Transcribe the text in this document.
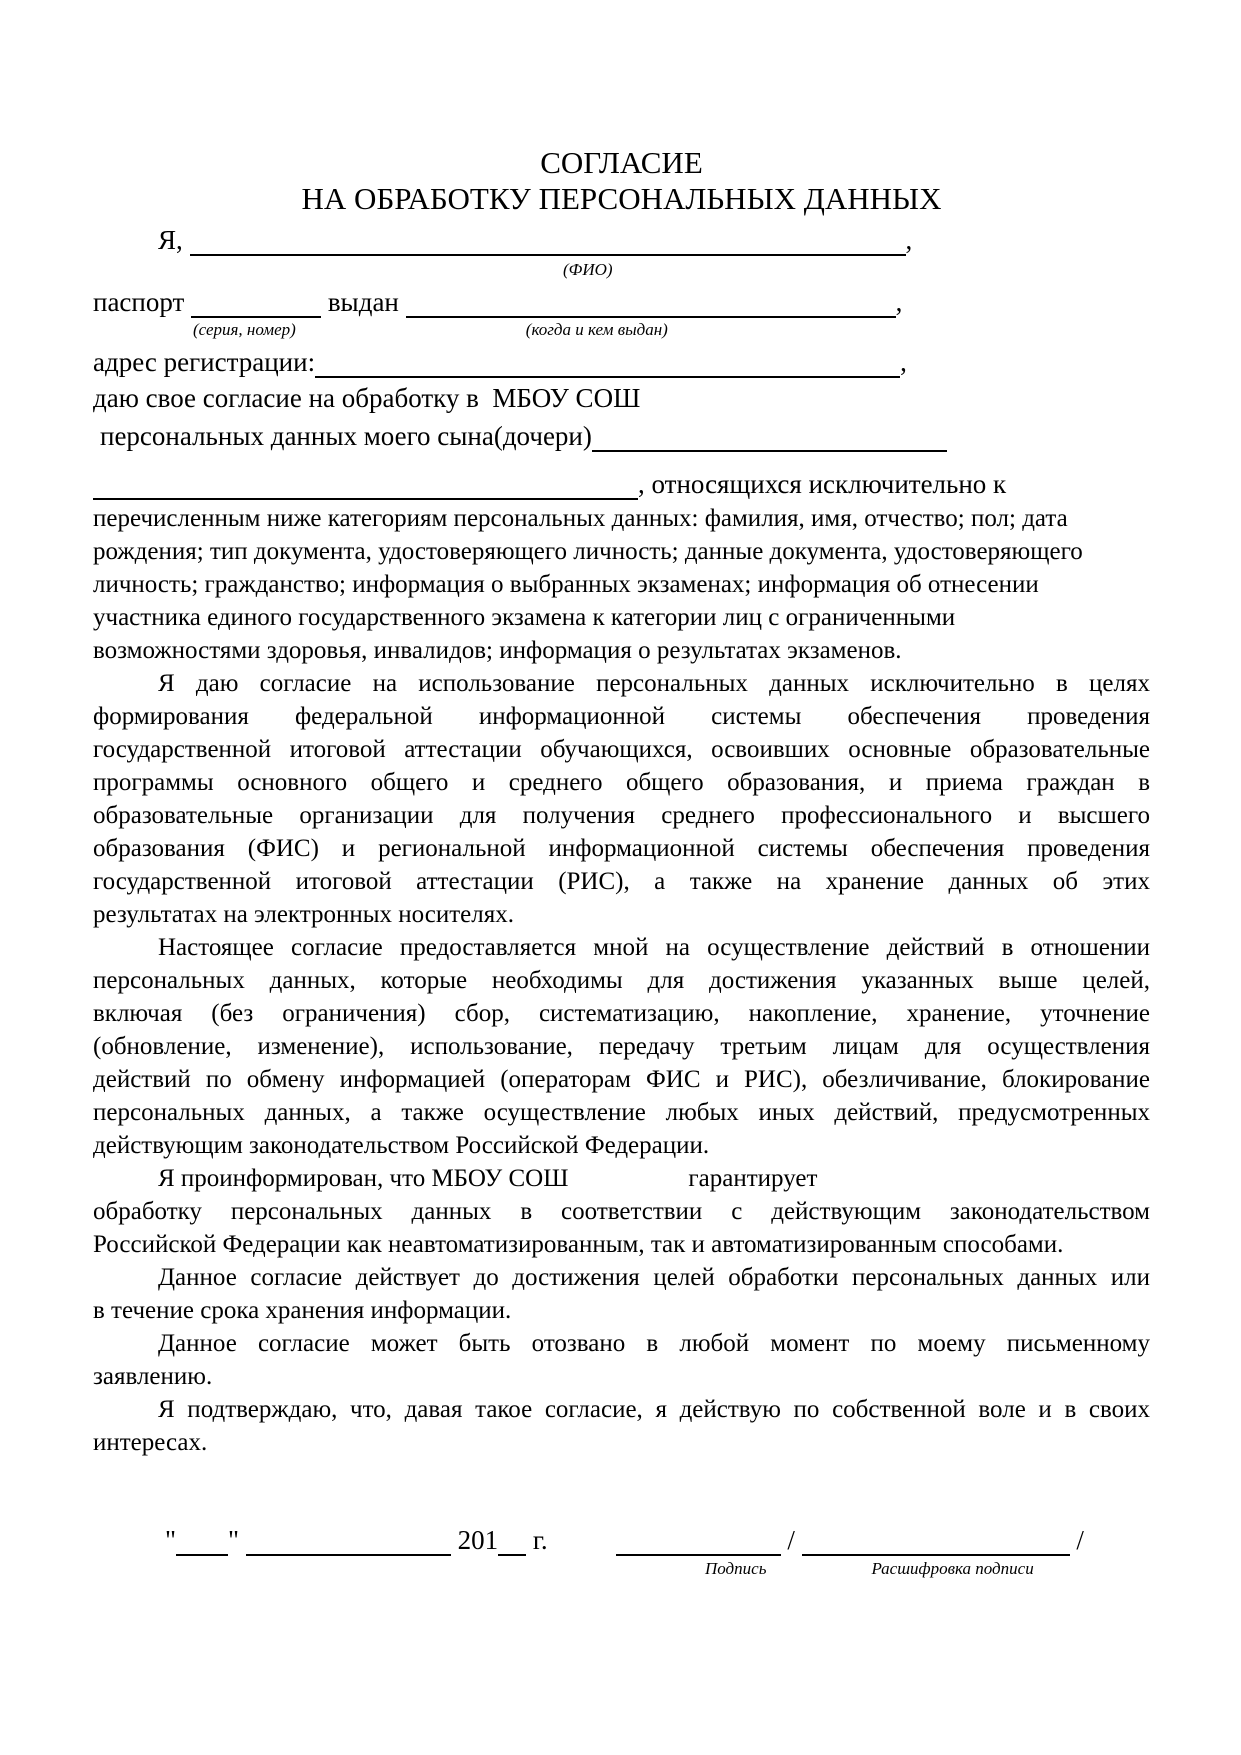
СОГЛАСИЕ
НА ОБРАБОТКУ ПЕРСОНАЛЬНЫХ ДАННЫХ
Я,	,

(ФИО)

паспорт	выдан	,

(серия, номер)	(когда и кем выдан)

адрес регистрации:	,

даю свое согласие на обработку в  МБОУ СОШ
персональных данных моего сына(дочери)

, относящихся исключительно к

перечисленным ниже категориям персональных данных: фамилия, имя, отчество; пол; дата
рождения; тип документа, удостоверяющего личность; данные документа, удостоверяющего
личность; гражданство; информация о выбранных экзаменах; информация об отнесении
участника единого государственного экзамена к категории лиц с ограниченными
возможностями здоровья, инвалидов; информация о результатах экзаменов.
Я даю согласие на использование персональных данных исключительно в целях
формирования федеральной информационной системы обеспечения проведения
государственной итоговой аттестации обучающихся, освоивших основные образовательные
программы основного общего и среднего общего образования, и приема граждан в
образовательные организации для получения среднего профессионального и высшего
образования (ФИС) и региональной информационной системы обеспечения проведения
государственной итоговой аттестации (РИС), а также на хранение данных об этих
результатах на электронных носителях.
Настоящее согласие предоставляется мной на осуществление действий в отношении
персональных данных, которые необходимы для достижения указанных выше целей,
включая (без ограничения) сбор, систематизацию, накопление, хранение, уточнение
(обновление, изменение), использование, передачу третьим лицам для осуществления
действий по обмену информацией (операторам ФИС и РИС), обезличивание, блокирование
персональных данных, а также осуществление любых иных действий, предусмотренных
действующим законодательством Российской Федерации.
Я проинформирован, что МБОУ СОШ	гарантирует
обработку персональных данных в соответствии с действующим законодательством
Российской Федерации как неавтоматизированным, так и автоматизированным способами.
Данное согласие действует до достижения целей обработки персональных данных или
в течение срока хранения информации.
Данное согласие может быть отозвано в любой момент по моему письменному
заявлению.
Я подтверждаю, что, давая такое согласие, я действую по собственной воле и в своих
интересах.
" "	201 г.	/	/

Подпись	Расшифровка подписи
